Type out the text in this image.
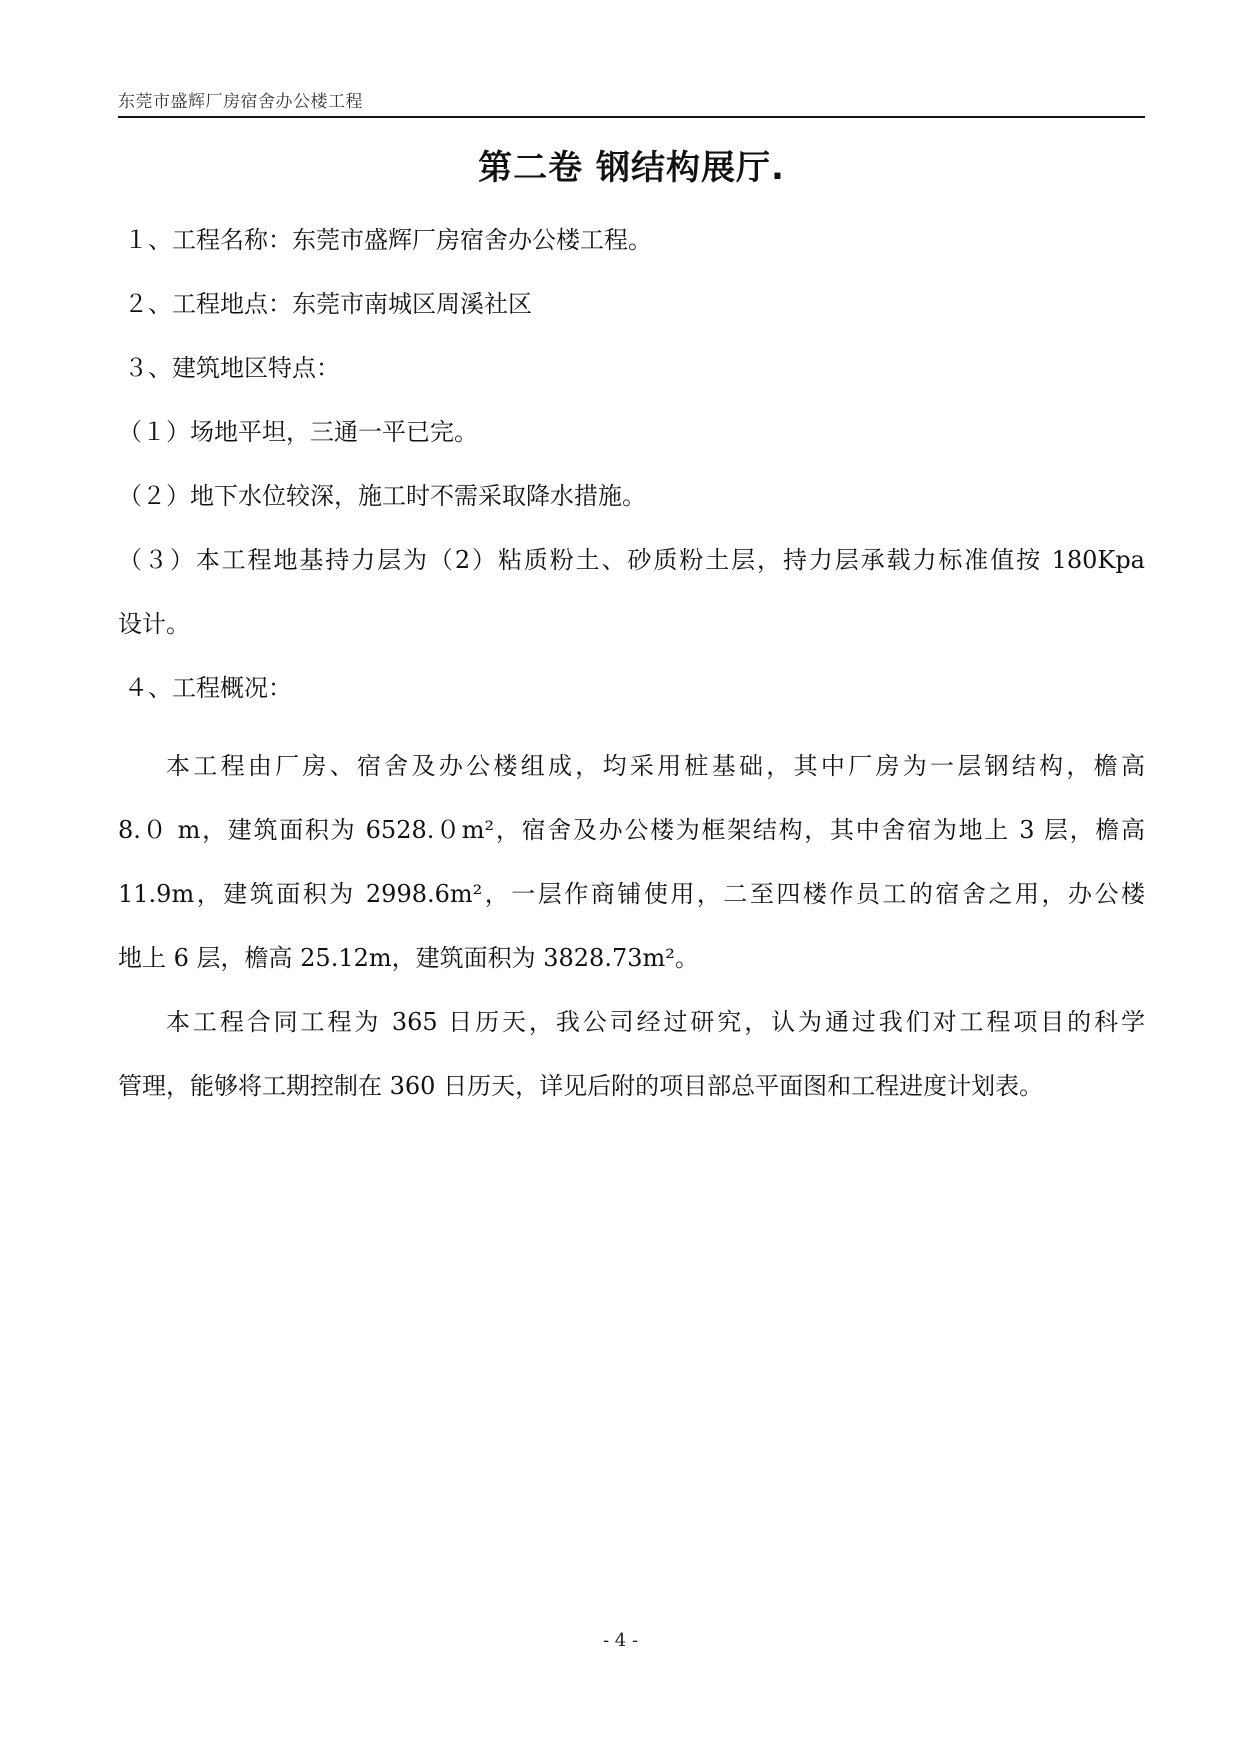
东莞市盛辉厂房宿舍办公楼工程
第二卷 钢结构展厅.
１、工程名称：东莞市盛辉厂房宿舍办公楼工程。
２、工程地点：东莞市南城区周溪社区
３、建筑地区特点：
（１）场地平坦，三通一平已完。
（２）地下水位较深，施工时不需采取降水措施。
（３）本工程地基持力层为（2）粘质粉土、砂质粉土层，持力层承载力标准值按 180Kpa
设计。
４、工程概况：
本工程由厂房、宿舍及办公楼组成，均采用桩基础，其中厂房为一层钢结构，檐高
8.０ m，建筑面积为 6528.０m²，宿舍及办公楼为框架结构，其中舍宿为地上 3 层，檐高
11.9m，建筑面积为 2998.6m²，一层作商铺使用，二至四楼作员工的宿舍之用，办公楼
地上 6 层，檐高 25.12m，建筑面积为 3828.73m²。
本工程合同工程为 365 日历天，我公司经过研究，认为通过我们对工程项目的科学
管理，能够将工期控制在 360 日历天，详见后附的项目部总平面图和工程进度计划表。
- 4 -
